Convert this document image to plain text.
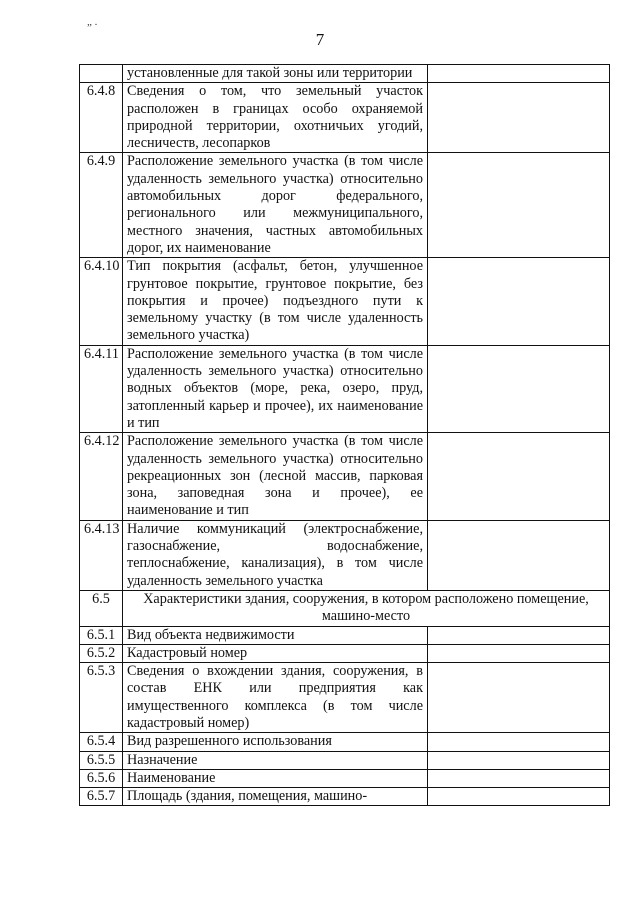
„ .
7
	установленные для такой зоны или территории	
6.4.8	Сведения о том, что земельный участок расположен в границах особо охраняемой природной территории, охотничьих угодий, лесничеств, лесопарков	
6.4.9	Расположение земельного участка (в том числе удаленность земельного участка) относительно автомобильных дорог федерального, регионального или межмуниципального, местного значения, частных автомобильных дорог, их наименование	
6.4.10	Тип покрытия (асфальт, бетон, улучшенное грунтовое покрытие, грунтовое покрытие, без покрытия и прочее) подъездного пути к земельному участку (в том числе удаленность земельного участка)	
6.4.11	Расположение земельного участка (в том числе удаленность земельного участка) относительно водных объектов (море, река, озеро, пруд, затопленный карьер и прочее), их наименование и тип	
6.4.12	Расположение земельного участка (в том числе удаленность земельного участка) относительно рекреационных зон (лесной массив, парковая зона, заповедная зона и прочее), ее наименование и тип	
6.4.13	Наличие коммуникаций (электроснабжение, газоснабжение, водоснабжение, теплоснабжение, канализация), в том числе удаленность земельного участка	
6.5	Характеристики здания, сооружения, в котором расположено помещение, машино-место	
6.5.1	Вид объекта недвижимости	
6.5.2	Кадастровый номер	
6.5.3	Сведения о вхождении здания, сооружения, в состав ЕНК или предприятия как имущественного комплекса (в том числе кадастровый номер)	
6.5.4	Вид разрешенного использования	
6.5.5	Назначение	
6.5.6	Наименование	
6.5.7	Площадь (здания, помещения, машино-	
